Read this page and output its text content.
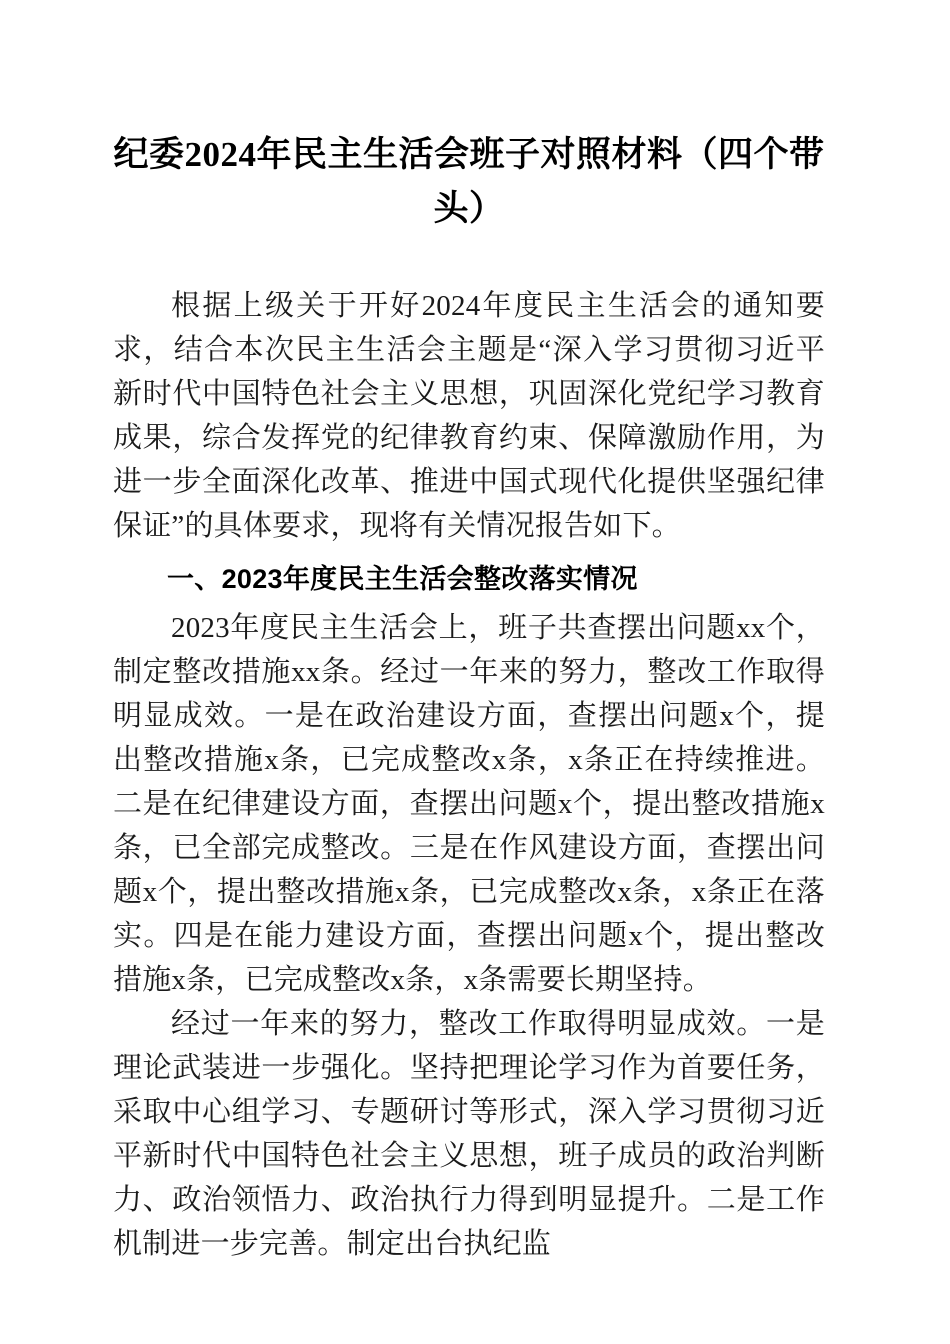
纪委2024年民主生活会班子对照材料（四个带头）

根据上级关于开好2024年度民主生活会的通知要求，结合本次民主生活会主题是“深入学习贯彻习近平新时代中国特色社会主义思想，巩固深化党纪学习教育成果，综合发挥党的纪律教育约束、保障激励作用，为进一步全面深化改革、推进中国式现代化提供坚强纪律保证”的具体要求，现将有关情况报告如下。

一、2023年度民主生活会整改落实情况

2023年度民主生活会上，班子共查摆出问题xx个，制定整改措施xx条。经过一年来的努力，整改工作取得明显成效。一是在政治建设方面，查摆出问题x个，提出整改措施x条，已完成整改x条，x条正在持续推进。二是在纪律建设方面，查摆出问题x个，提出整改措施x条，已全部完成整改。三是在作风建设方面，查摆出问题x个，提出整改措施x条，已完成整改x条，x条正在落实。四是在能力建设方面，查摆出问题x个，提出整改措施x条，已完成整改x条，x条需要长期坚持。

经过一年来的努力，整改工作取得明显成效。一是理论武装进一步强化。坚持把理论学习作为首要任务，采取中心组学习、专题研讨等形式，深入学习贯彻习近平新时代中国特色社会主义思想，班子成员的政治判断力、政治领悟力、政治执行力得到明显提升。二是工作机制进一步完善。制定出台执纪监
